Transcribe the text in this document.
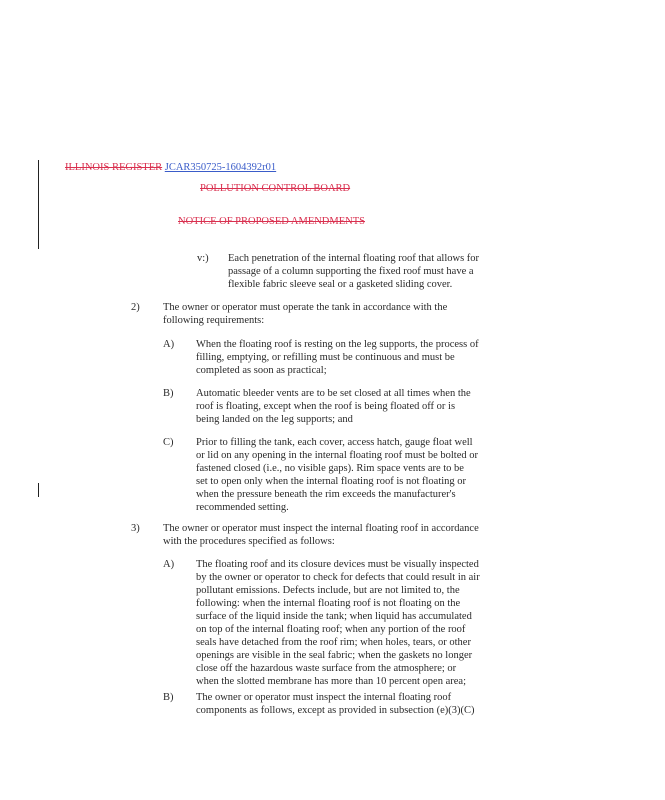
ILLINOIS REGISTER JCAR350725-1604392r01
POLLUTION CONTROL BOARD
NOTICE OF PROPOSED AMENDMENTS
v:) Each penetration of the internal floating roof that allows for
passage of a column supporting the fixed roof must have a
flexible fabric sleeve seal or a gasketed sliding cover.
2) The owner or operator must operate the tank in accordance with the
following requirements:
A) When the floating roof is resting on the leg supports, the process of
filling, emptying, or refilling must be continuous and must be
completed as soon as practical;
B) Automatic bleeder vents are to be set closed at all times when the
roof is floating, except when the roof is being floated off or is
being landed on the leg supports; and
C) Prior to filling the tank, each cover, access hatch, gauge float well
or lid on any opening in the internal floating roof must be bolted or
fastened closed (i.e., no visible gaps). Rim space vents are to be
set to open only when the internal floating roof is not floating or
when the pressure beneath the rim exceeds the manufacturer's
recommended setting.
3) The owner or operator must inspect the internal floating roof in accordance
with the procedures specified as follows:
A) The floating roof and its closure devices must be visually inspected
by the owner or operator to check for defects that could result in air
pollutant emissions. Defects include, but are not limited to, the
following: when the internal floating roof is not floating on the
surface of the liquid inside the tank; when liquid has accumulated
on top of the internal floating roof; when any portion of the roof
seals have detached from the roof rim; when holes, tears, or other
openings are visible in the seal fabric; when the gaskets no longer
close off the hazardous waste surface from the atmosphere; or
when the slotted membrane has more than 10 percent open area;
B) The owner or operator must inspect the internal floating roof
components as follows, except as provided in subsection (e)(3)(C)
